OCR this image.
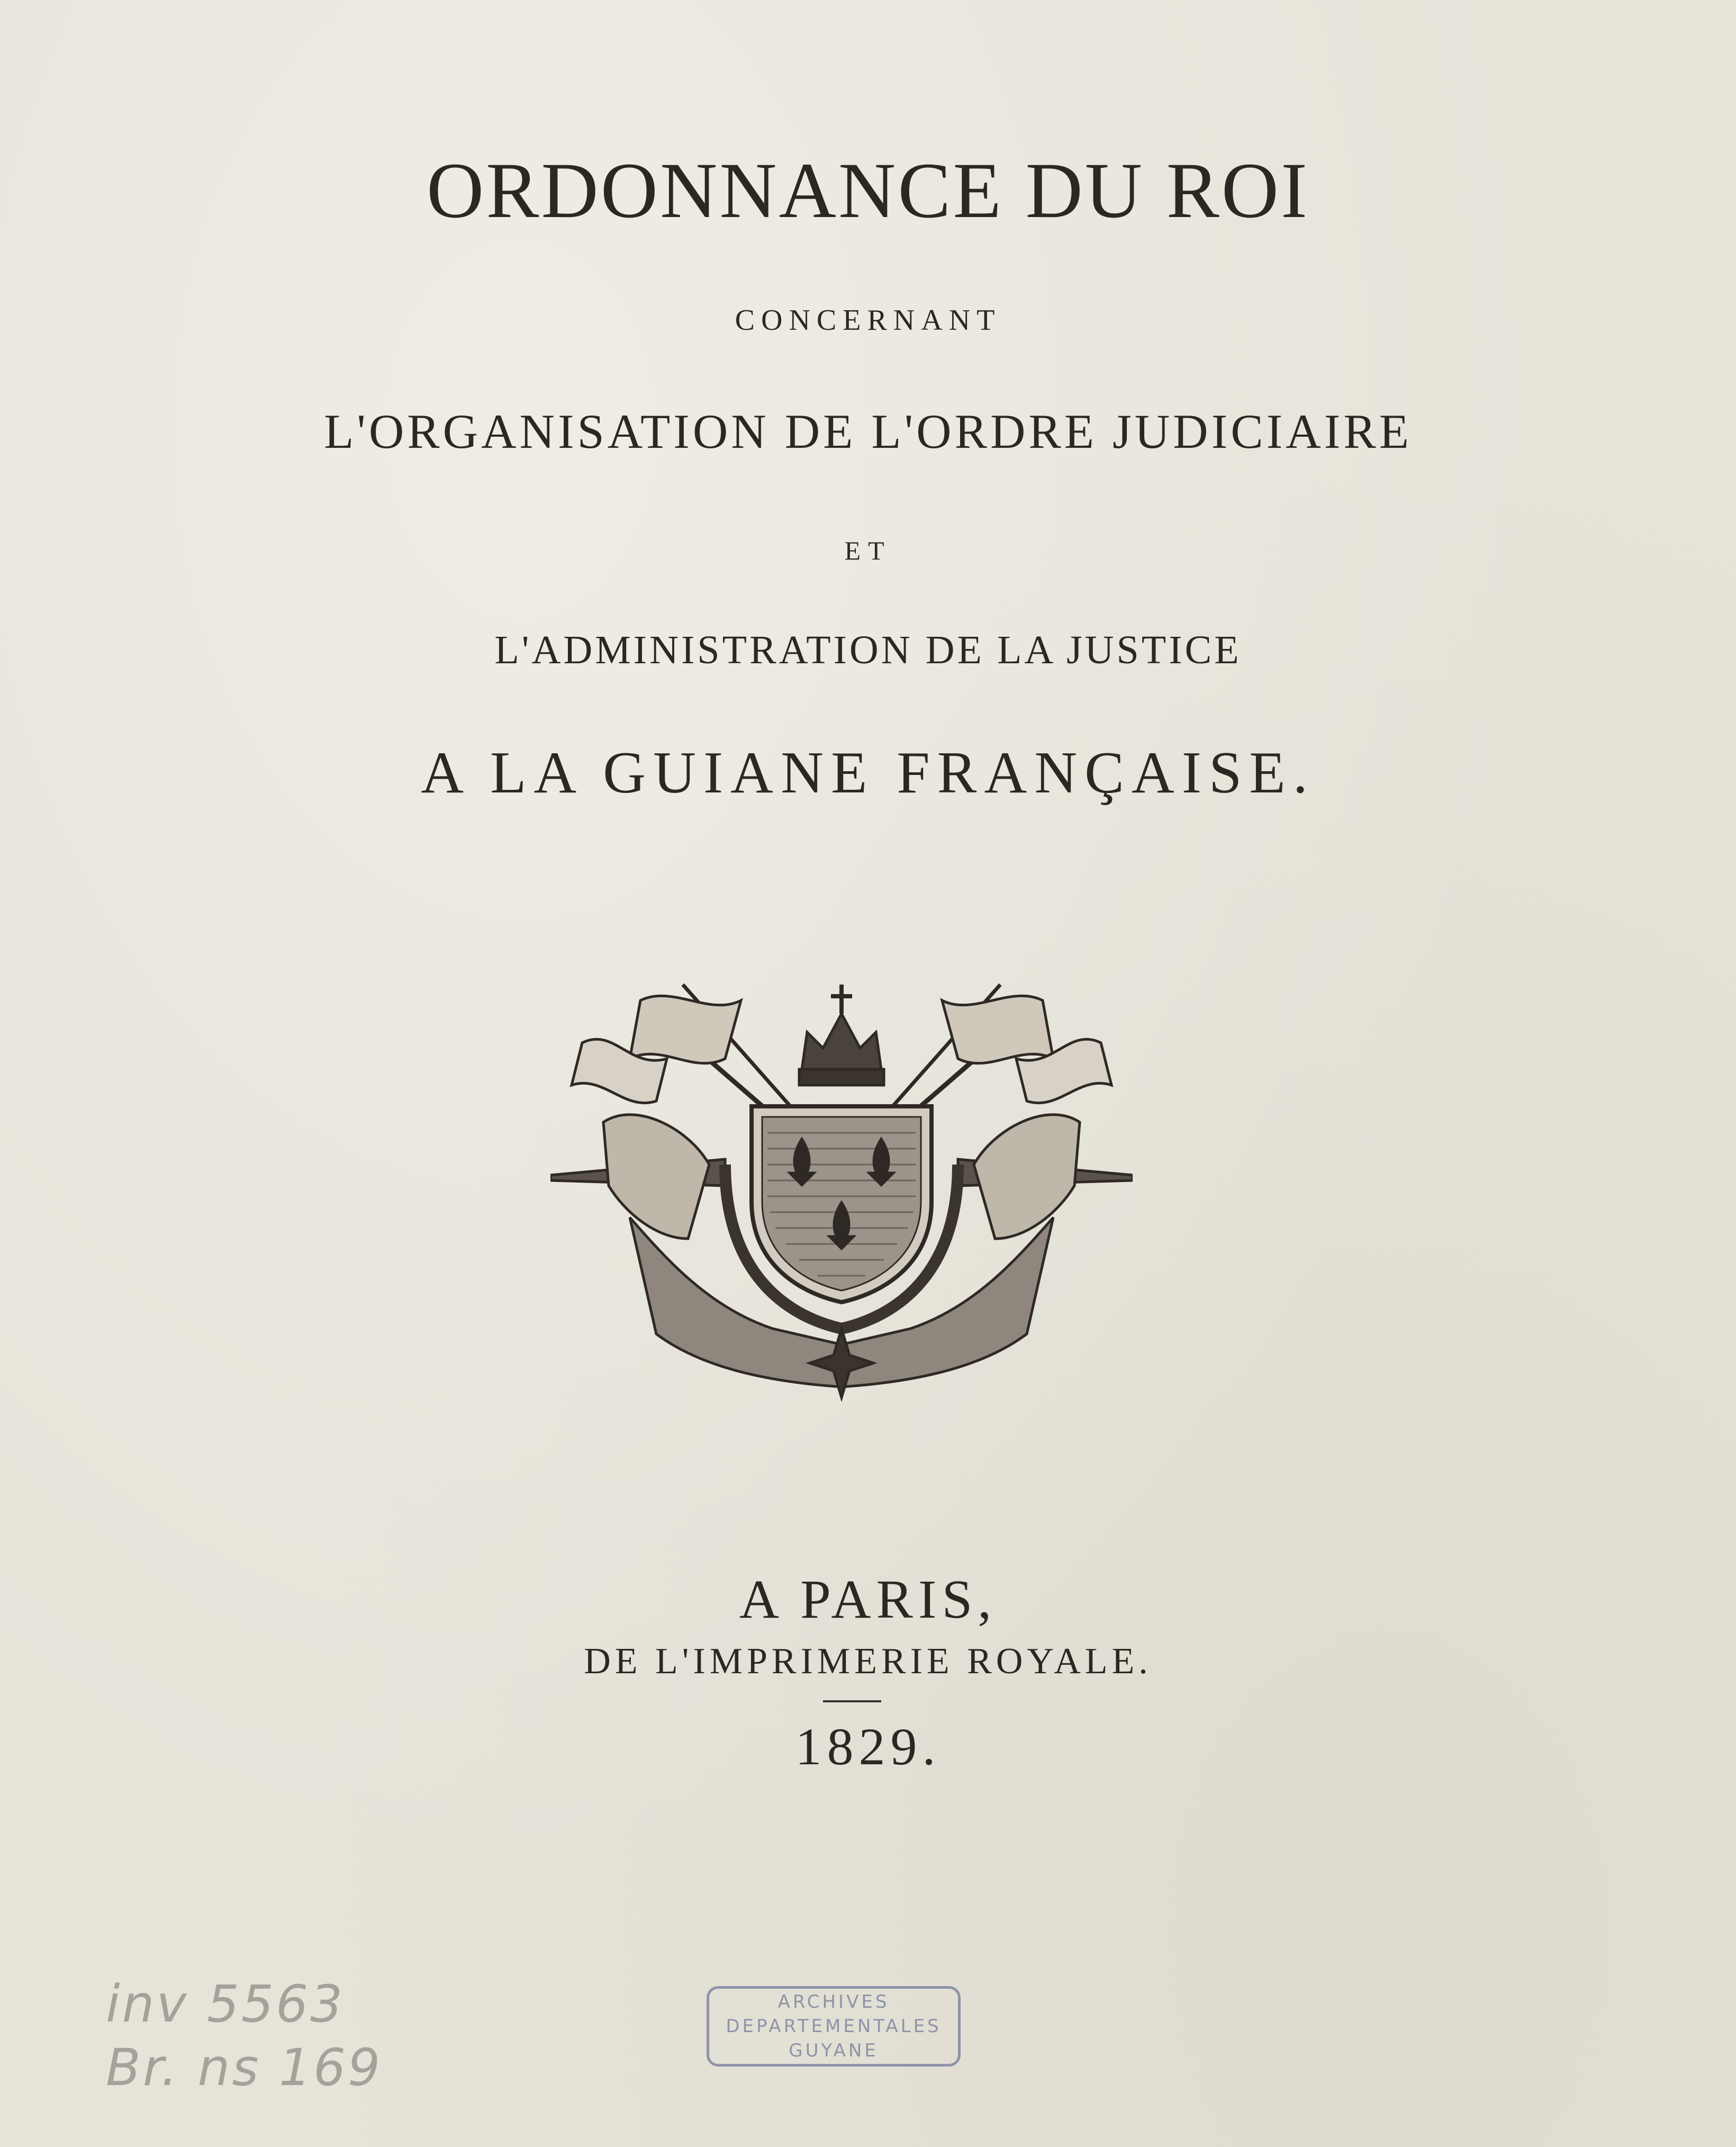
ORDONNANCE DU ROI
CONCERNANT
L'ORGANISATION DE L'ORDRE JUDICIAIRE
ET
L'ADMINISTRATION DE LA JUSTICE
A LA GUIANE FRANÇAISE.
A PARIS,
DE L'IMPRIMERIE ROYALE.
1829.
inv 5563
Br. ns 169
ARCHIVES
DEPARTEMENTALES
GUYANE
